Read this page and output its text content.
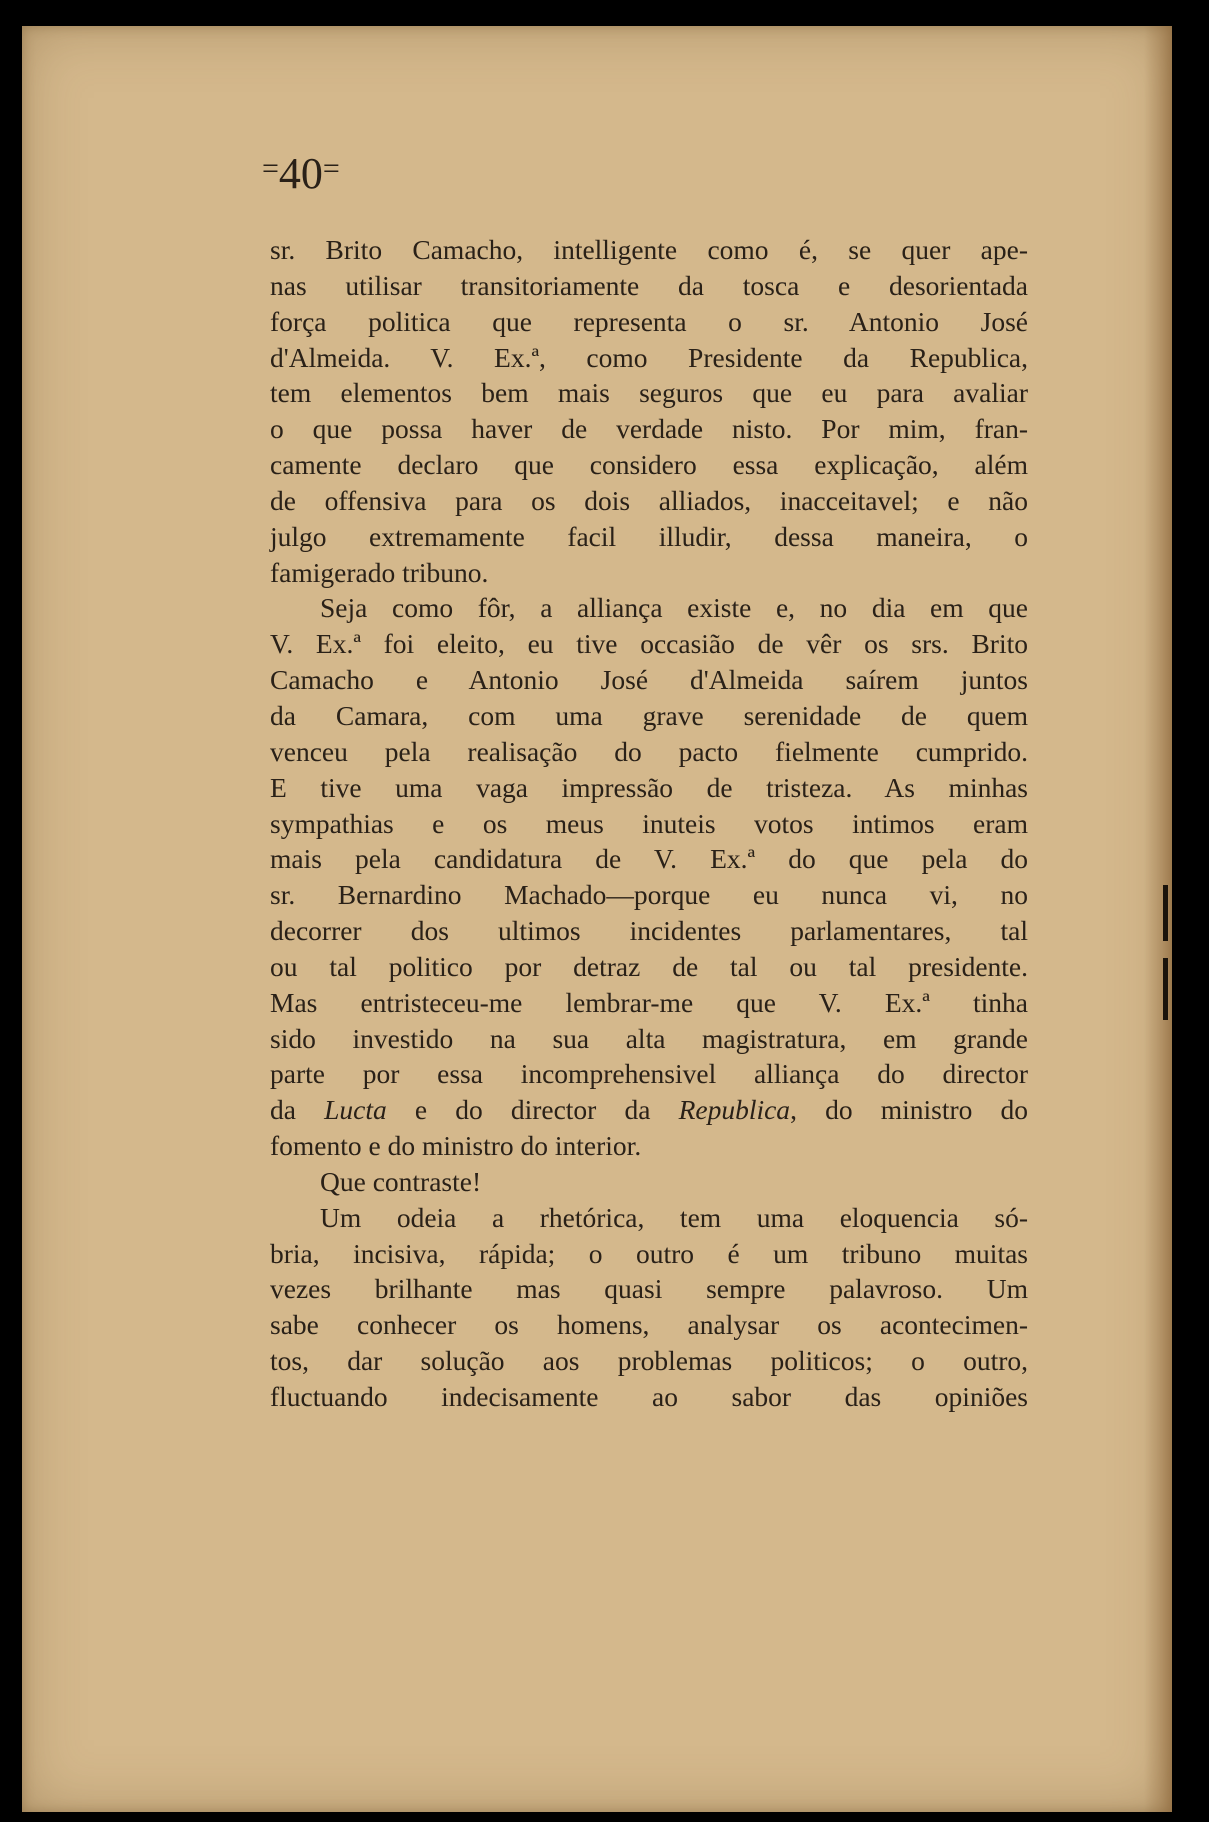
=40=
sr. Brito Camacho, intelligente como é, se quer ape-
nas utilisar transitoriamente da tosca e desorientada
força politica que representa o sr. Antonio José
d'Almeida. V. Ex.ª, como Presidente da Republica,
tem elementos bem mais seguros que eu para avaliar
o que possa haver de verdade nisto. Por mim, fran-
camente declaro que considero essa explicação, além
de offensiva para os dois alliados, inacceitavel; e não
julgo extremamente facil illudir, dessa maneira, o
famigerado tribuno.
Seja como fôr, a alliança existe e, no dia em que
V. Ex.ª foi eleito, eu tive occasião de vêr os srs. Brito
Camacho e Antonio José d'Almeida saírem juntos
da Camara, com uma grave serenidade de quem
venceu pela realisação do pacto fielmente cumprido.
E tive uma vaga impressão de tristeza. As minhas
sympathias e os meus inuteis votos intimos eram
mais pela candidatura de V. Ex.ª do que pela do
sr. Bernardino Machado—porque eu nunca vi, no
decorrer dos ultimos incidentes parlamentares, tal
ou tal politico por detraz de tal ou tal presidente.
Mas entristeceu-me lembrar-me que V. Ex.ª tinha
sido investido na sua alta magistratura, em grande
parte por essa incomprehensivel alliança do director
da Lucta e do director da Republica, do ministro do
fomento e do ministro do interior.
Que contraste!
Um odeia a rhetórica, tem uma eloquencia só-
bria, incisiva, rápida; o outro é um tribuno muitas
vezes brilhante mas quasi sempre palavroso. Um
sabe conhecer os homens, analysar os acontecimen-
tos, dar solução aos problemas politicos; o outro,
fluctuando indecisamente ao sabor das opiniões
